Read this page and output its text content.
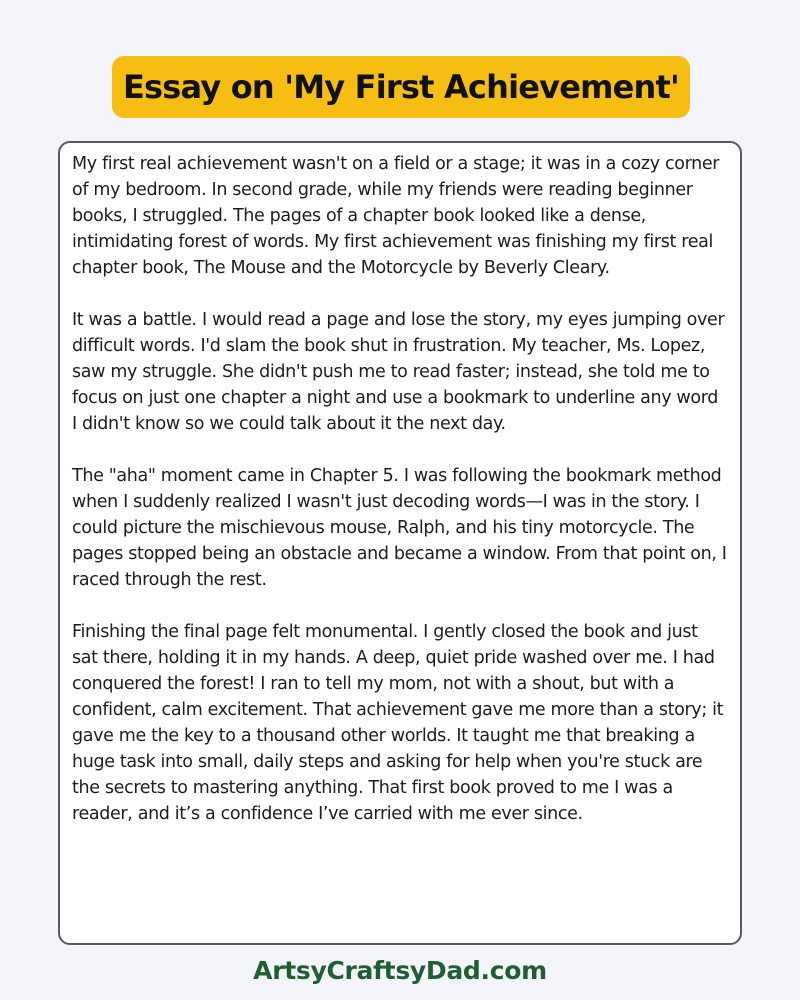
Essay on 'My First Achievement'

My first real achievement wasn't on a field or a stage; it was in a cozy corner of my bedroom. In second grade, while my friends were reading beginner books, I struggled. The pages of a chapter book looked like a dense, intimidating forest of words. My first achievement was finishing my first real chapter book, The Mouse and the Motorcycle by Beverly Cleary.

It was a battle. I would read a page and lose the story, my eyes jumping over difficult words. I'd slam the book shut in frustration. My teacher, Ms. Lopez, saw my struggle. She didn't push me to read faster; instead, she told me to focus on just one chapter a night and use a bookmark to underline any word I didn't know so we could talk about it the next day.

The "aha" moment came in Chapter 5. I was following the bookmark method when I suddenly realized I wasn't just decoding words—I was in the story. I could picture the mischievous mouse, Ralph, and his tiny motorcycle. The pages stopped being an obstacle and became a window. From that point on, I raced through the rest.

Finishing the final page felt monumental. I gently closed the book and just sat there, holding it in my hands. A deep, quiet pride washed over me. I had conquered the forest! I ran to tell my mom, not with a shout, but with a confident, calm excitement. That achievement gave me more than a story; it gave me the key to a thousand other worlds. It taught me that breaking a huge task into small, daily steps and asking for help when you're stuck are the secrets to mastering anything. That first book proved to me I was a reader, and it’s a confidence I’ve carried with me ever since.

ArtsyCraftsyDad.com
